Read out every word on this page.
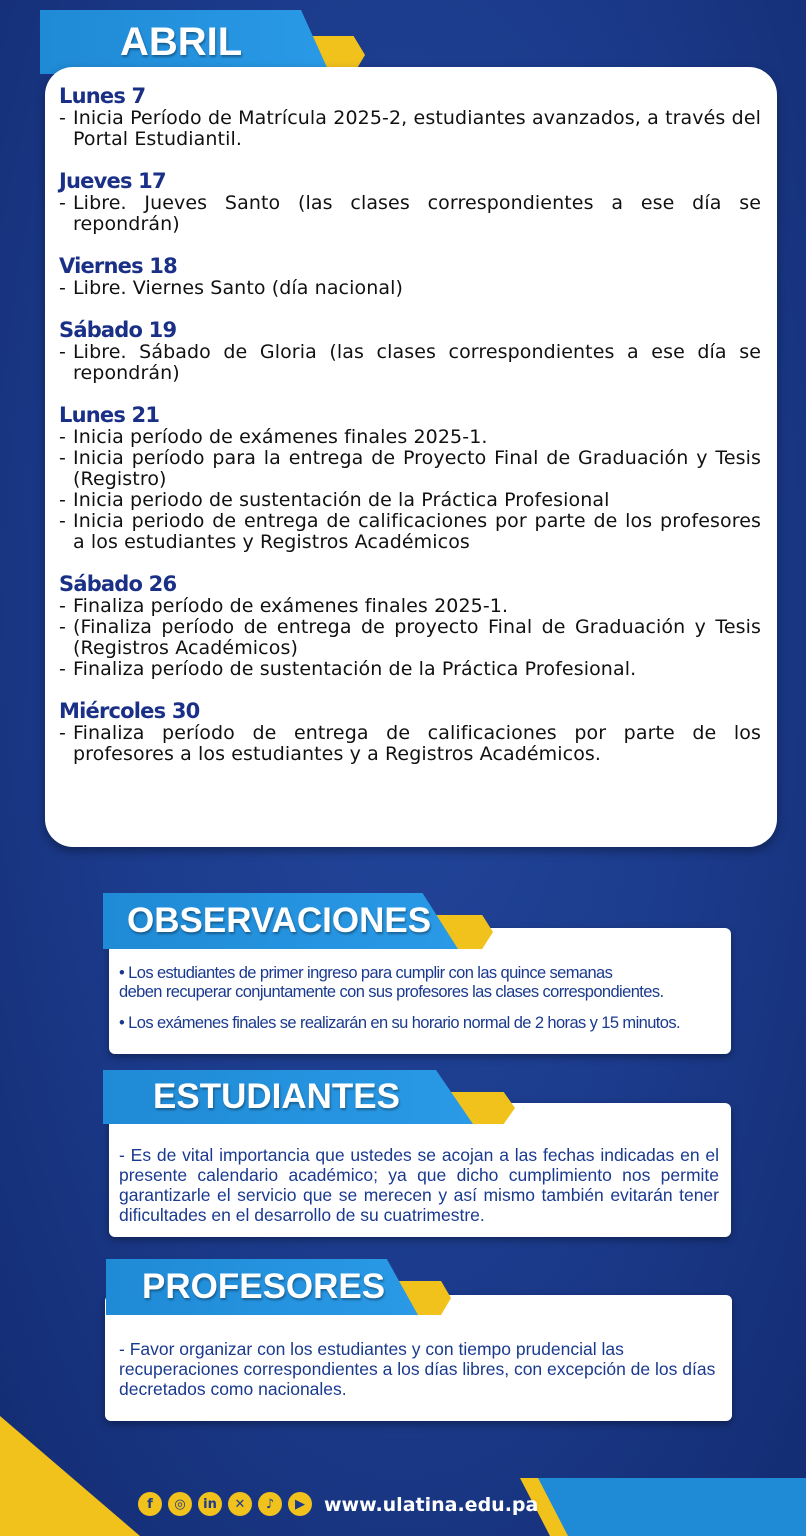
ABRIL
Lunes 7
- Inicia Período de Matrícula 2025-2, estudiantes avanzados, a través del Portal Estudiantil.
Jueves 17
- Libre. Jueves Santo (las clases correspondientes a ese día se repondrán)
Viernes 18
- Libre. Viernes Santo (día nacional)
Sábado 19
- Libre. Sábado de Gloria (las clases correspondientes a ese día se repondrán)
Lunes 21
- Inicia período de exámenes finales 2025-1.
- Inicia período para la entrega de Proyecto Final de Graduación y Tesis (Registro)
- Inicia periodo de sustentación de la Práctica Profesional
- Inicia periodo de entrega de calificaciones por parte de los profesores a los estudiantes y Registros Académicos
Sábado 26
- Finaliza período de exámenes finales 2025-1.
- (Finaliza período de entrega de proyecto Final de Graduación y Tesis (Registros Académicos)
- Finaliza período de sustentación de la Práctica Profesional.
Miércoles 30
- Finaliza período de entrega de calificaciones por parte de los profesores a los estudiantes y a Registros Académicos.

• Los estudiantes de primer ingreso para cumplir con las quince semanas

deben recuperar conjuntamente con sus profesores las clases correspondientes.

• Los exámenes finales se realizarán en su horario normal de 2 horas y 15 minutos.

OBSERVACIONES

- Es de vital importancia que ustedes se acojan a las fechas indicadas en el presente calendario académico; ya que dicho cumplimiento nos permite garantizarle el servicio que se merecen y así mismo también evitarán tener dificultades en el desarrollo de su cuatrimestre.

ESTUDIANTES

- Favor organizar con los estudiantes y con tiempo prudencial las recuperaciones correspondientes a los días libres, con excepción de los días decretados como nacionales.

PROFESORES
f	◎	in	✕	♪	▶	www.ulatina.edu.pa
